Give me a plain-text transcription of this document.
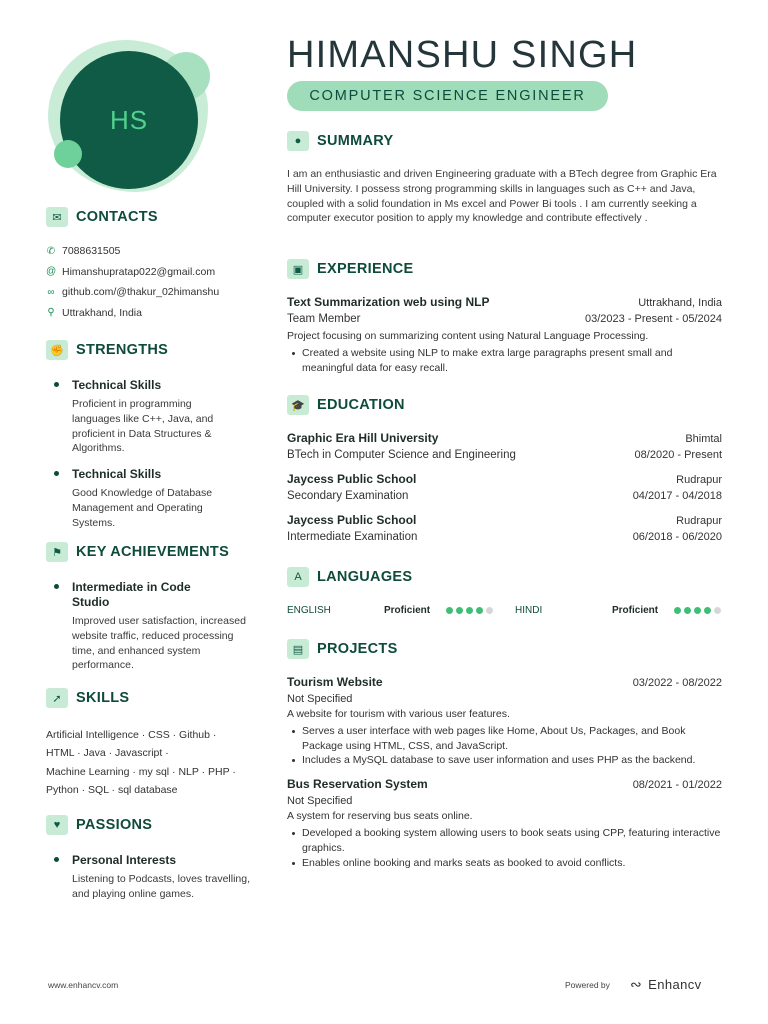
HS
✉ CONTACTS
✆ 7088631505
@ Himanshupratap022@gmail.com
∞ github.com/@thakur_02himanshu
⚲ Uttrakhand, India
✊ STRENGTHS
Technical Skills
Proficient in programming languages like C++, Java, and proficient in Data Structures & Algorithms.
Technical Skills
Good Knowledge of Database Management and Operating Systems.
⚑ KEY ACHIEVEMENTS
Intermediate in Code Studio
Improved user satisfaction, increased website traffic, reduced processing time, and enhanced system performance.
➚ SKILLS
Artificial Intelligence · CSS · Github ·
HTML · Java · Javascript ·
Machine Learning · my sql · NLP · PHP ·
Python · SQL · sql database
♥	PASSIONS
Personal Interests
Listening to Podcasts, loves travelling, and playing online games.
HIMANSHU SINGH
COMPUTER SCIENCE ENGINEER
●	SUMMARY
I am an enthusiastic and driven Engineering graduate with a BTech degree from Graphic Era Hill University. I possess strong programming skills in languages such as C++ and Java, coupled with a solid foundation in Ms excel and Power Bi tools . I am currently seeking a computer executor position to apply my knowledge and contribute effectively .
▣ EXPERIENCE
Text Summarization web using NLP	Uttrakhand, India
Team Member	03/2023 - Present - 05/2024
Project focusing on summarizing content using Natural Language Processing.
Created a website using NLP to make extra large paragraphs present small and meaningful data for easy recall.
🎓 EDUCATION
Graphic Era Hill University	Bhimtal
BTech in Computer Science and Engineering	08/2020 - Present
Jaycess Public School	Rudrapur
Secondary Examination	04/2017 - 04/2018
Jaycess Public School	Rudrapur
Intermediate Examination	06/2018 - 06/2020
A	LANGUAGES
ENGLISH	Proficient	HINDI	Proficient
▤ PROJECTS
Tourism Website	03/2022 - 08/2022
Not Specified
A website for tourism with various user features.
Serves a user interface with web pages like Home, About Us, Packages, and Book Package using HTML, CSS, and JavaScript.
Includes a MySQL database to save user information and uses PHP as the backend.
Bus Reservation System	08/2021 - 01/2022
Not Specified
A system for reserving bus seats online.
Developed a booking system allowing users to book seats using CPP, featuring interactive graphics.
Enables online booking and marks seats as booked to avoid conflicts.
www.enhancv.com	Powered by ∾ Enhancv
